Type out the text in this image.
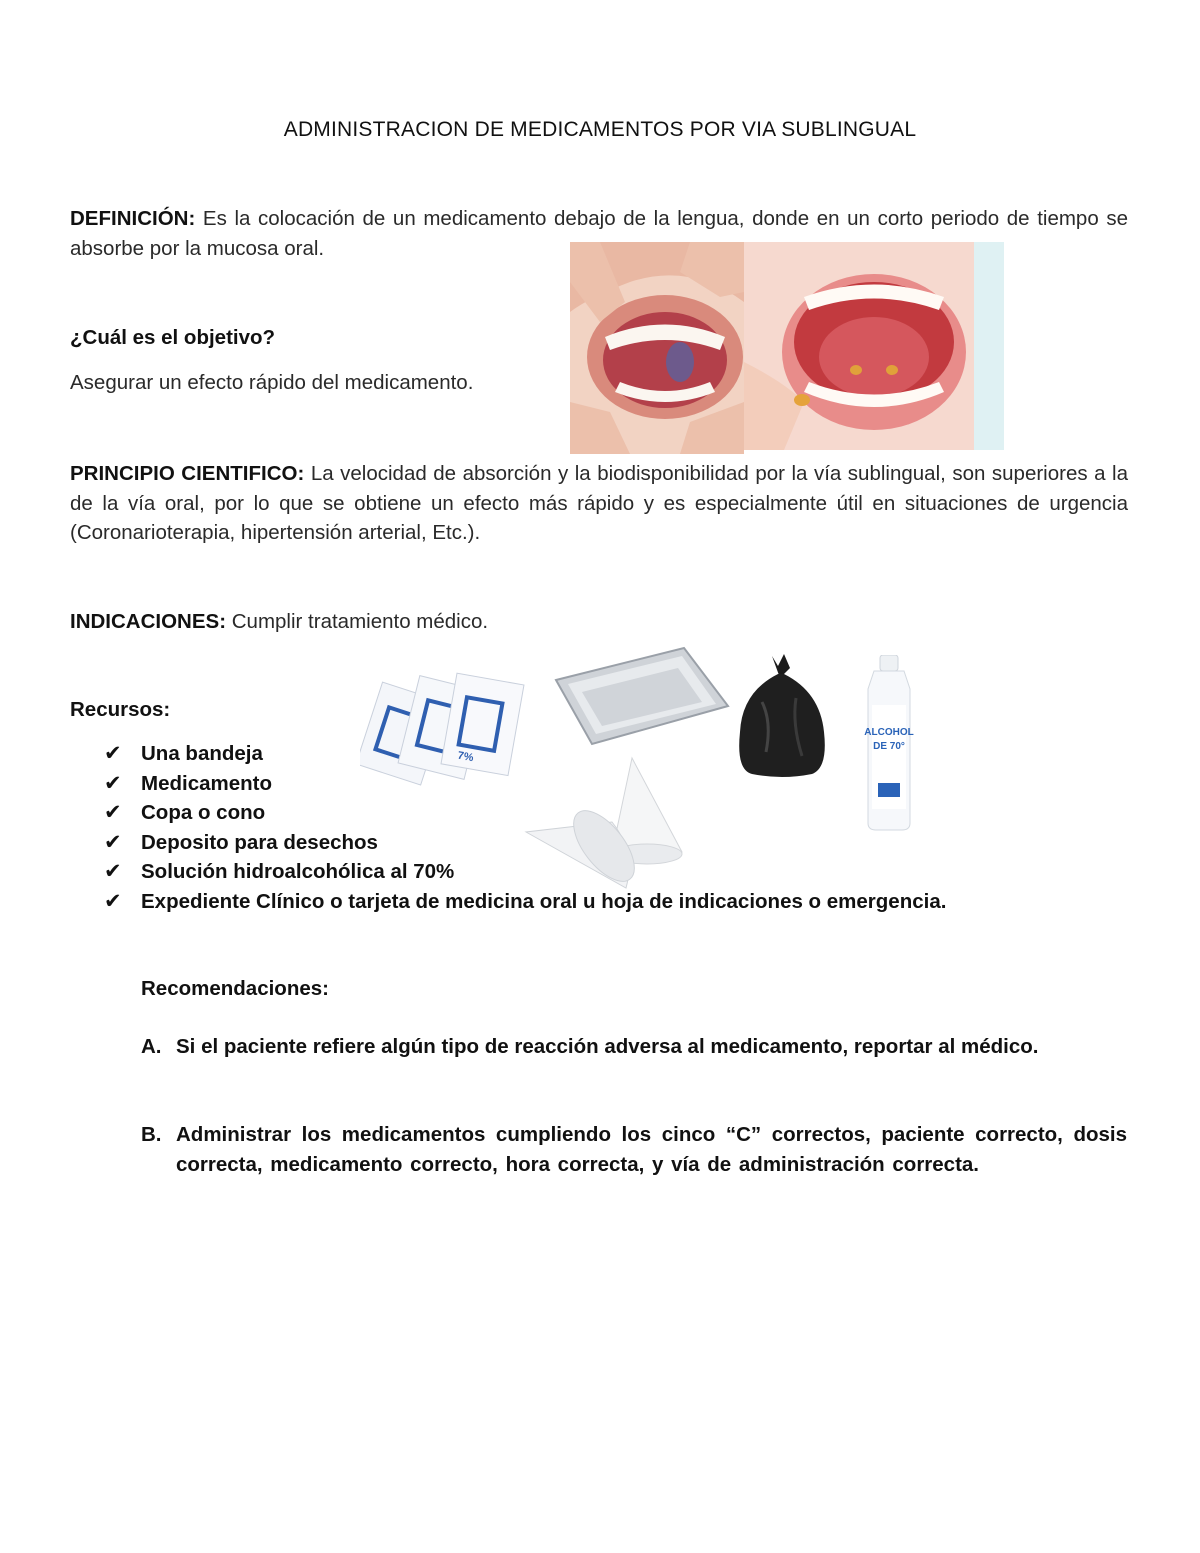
ADMINISTRACION DE MEDICAMENTOS POR VIA SUBLINGUAL
DEFINICIÓN: Es la colocación de un medicamento debajo de la lengua, donde en un corto periodo de tiempo se absorbe por la mucosa oral.
¿Cuál es el objetivo?
Asegurar un efecto rápido del medicamento.
PRINCIPIO CIENTIFICO: La velocidad de absorción y la biodisponibilidad por la vía sublingual, son superiores a la de la vía oral, por lo que se obtiene un efecto más rápido y es especialmente útil en situaciones de urgencia (Coronarioterapia, hipertensión arterial, Etc.).
INDICACIONES: Cumplir tratamiento médico.
Recursos:
7%
ALCOHOL
DE 70°
✔ Una bandeja
✔ Medicamento
✔ Copa o cono
✔ Deposito para desechos
✔ Solución hidroalcohólica al 70%
✔ Expediente Clínico o tarjeta de medicina oral u hoja de indicaciones o emergencia.
Recomendaciones:
A. Si el paciente refiere algún tipo de reacción adversa al medicamento, reportar al médico.
B. Administrar los medicamentos cumpliendo los cinco “C” correctos, paciente correcto, dosis correcta, medicamento correcto, hora correcta, y vía de administración correcta.
